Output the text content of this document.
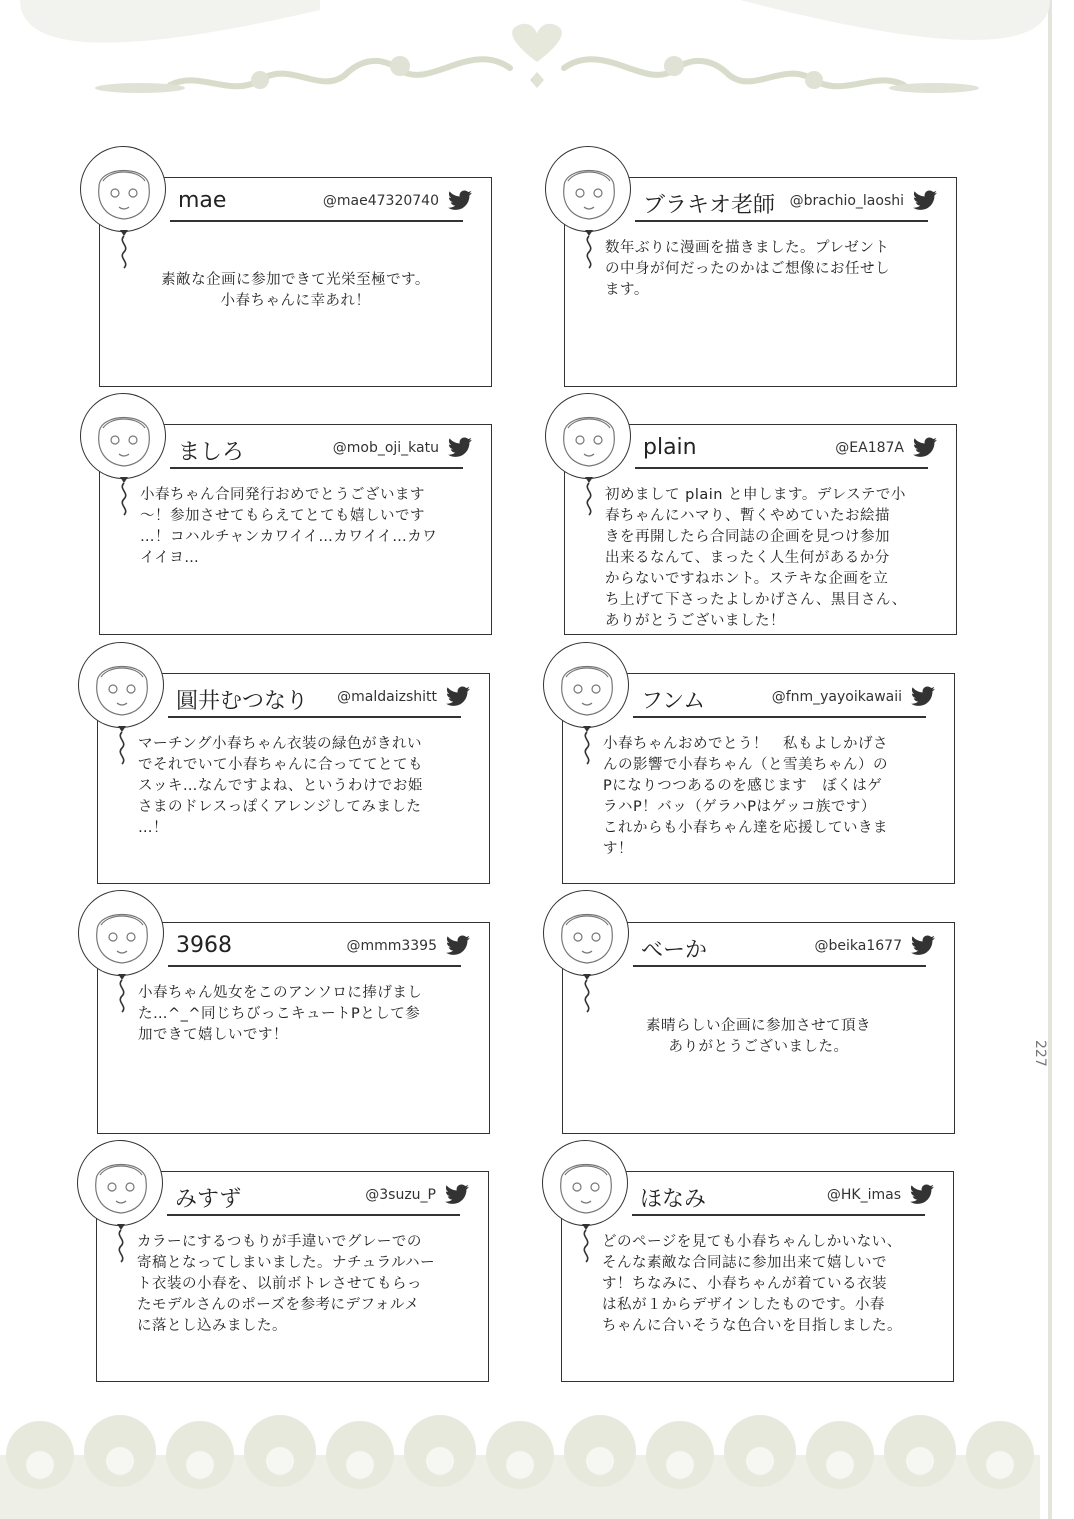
227
mae	@mae47320740
素敵な企画に参加できて光栄至極です。
小春ちゃんに幸あれ！
ブラキオ老師 @brachio_laoshi
数年ぶりに漫画を描きました。プレゼント
の中身が何だったのかはご想像にお任せし
ます。
ましろ	@mob_oji_katu
小春ちゃん合同発行おめでとうございます
～！参加させてもらえてとても嬉しいです
…！コハルチャンカワイイ…カワイイ…カワイイヨ…
plain	@EA187A
初めまして plain と申します。デレステで小
春ちゃんにハマり、暫くやめていたお絵描
きを再開したら合同誌の企画を見つけ参加
出来るなんて、まったく人生何があるか分
からないですねホント。ステキな企画を立
ち上げて下さったよしかげさん、黒目さん、
ありがとうございました！
圓井むつなり @maldaizshitt
マーチング小春ちゃん衣装の緑色がきれい
でそれでいて小春ちゃんに合っててとても
スッキ…なんですよね、というわけでお姫
さまのドレスっぽくアレンジしてみました
…！
フンム	@fnm_yayoikawaii
小春ちゃんおめでとう！　私もよしかげさ
んの影響で小春ちゃん（と雪美ちゃん）の
Pになりつつあるのを感じます　ぼくはゲ
ラハP！バッ（ゲラハPはゲッコ族です）
これからも小春ちゃん達を応援していきま
す！
3968	@mmm3395
小春ちゃん処女をこのアンソロに捧げまし
た…^_^同じちびっこキュートPとして参
加できて嬉しいです！
べーか	@beika1677
素晴らしい企画に参加させて頂き
ありがとうございました。
みすず	@3suzu_P
カラーにするつもりが手違いでグレーでの
寄稿となってしまいました。ナチュラルハー
ト衣装の小春を、以前ボトレさせてもらっ
たモデルさんのポーズを参考にデフォルメ
に落とし込みました。
ほなみ	@HK_imas
どのページを見ても小春ちゃんしかいない、
そんな素敵な合同誌に参加出来て嬉しいで
す！ちなみに、小春ちゃんが着ている衣装
は私が１からデザインしたものです。小春
ちゃんに合いそうな色合いを目指しました。
